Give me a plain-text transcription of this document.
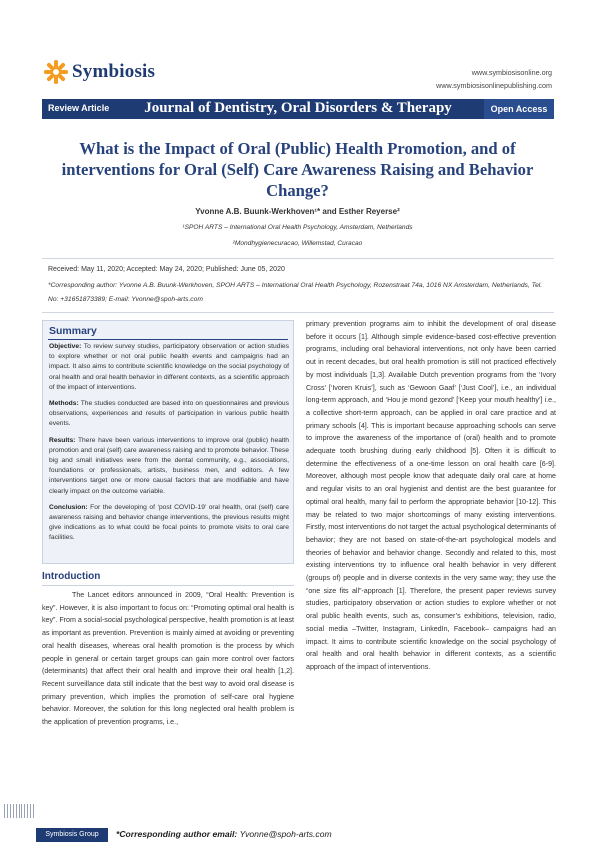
Symbiosis	www.symbiosisonline.org
www.symbiosisonlinepublishing.com
Journal of Dentistry, Oral Disorders & Therapy
Review Article	Open Access
What is the Impact of Oral (Public) Health Promotion, and of interventions for Oral (Self) Care Awareness Raising and Behavior Change?
Yvonne A.B. Buunk-Werkhoven¹* and Esther Reyerse²
¹SPOH ARTS – International Oral Health Psychology, Amsterdam, Netherlands
²Mondhygienecuracao, Willemstad, Curacao
Received: May 11, 2020; Accepted: May 24, 2020; Published: June 05, 2020
*Corresponding author: Yvonne A.B. Buunk-Werkhoven, SPOH ARTS – International Oral Health Psychology, Rozenstraat 74a, 1016 NX Amsterdam, Netherlands, Tel. No: +31651873389; E-mail: Yvonne@spoh-arts.com
Summary

Objective: To review survey studies, participatory observation or action studies to explore whether or not oral public health events and campaigns had an impact. It also aims to contribute scientific knowledge on the social psychology of oral health and oral health behavior in different contexts, as a scientific approach of the impact of interventions.

Methods: The studies conducted are based into on questionnaires and previous observations, experiences and results of participation in various public health events.

Results: There have been various interventions to improve oral (public) health promotion and oral (self) care awareness raising and to promote behavior. These big and small initiatives were from the dental community, e.g., associations, foundations or professionals, artists, business men, and editors. A few interventions target one or more causal factors that are modifiable and have clearly impact on the outcome variable.

Conclusion: For the developing of ‘post COVID-19’ oral health, oral (self) care awareness raising and behavior change interventions, the previous results might give indications as to what could be focal points to promote visits to oral care facilities.

Introduction

The Lancet editors announced in 2009, “Oral Health: Prevention is key”. However, it is also important to focus on: “Promoting optimal oral health is key”. From a social-social psychological perspective, health promotion is at least as important as prevention. Prevention is mainly aimed at avoiding or preventing oral health diseases, whereas oral health promotion is the process by which people in general or certain target groups can gain more control over factors (determinants) that affect their oral health and improve their oral health [1,2]. Recent surveillance data still indicate that the best way to avoid oral disease is primary prevention, which implies the promotion of self-care oral hygiene behavior. Moreover, the solution for this long neglected oral health problem is the application of prevention programs, i.e.,

primary prevention programs aim to inhibit the development of oral disease before it occurs [1]. Although simple evidence-based cost-effective prevention programs, including oral behavioral interventions, not only have been carried out in recent decades, but oral health promotion is still not practiced effectively by most individuals [1,3]. Available Dutch prevention programs from the ‘Ivory Cross’ [‘Ivoren Kruis’], such as ‘Gewoon Gaaf’ [‘Just Cool’], i.e., an individual long-term approach, and ‘Hou je mond gezond’ [‘Keep your mouth healthy’] i.e., a collective short-term approach, can be applied in oral care practice and at primary schools [4]. This is important because approaching schools can serve to improve the awareness of the importance of (oral) health and to promote adequate tooth brushing during early childhood [5]. Often it is difficult to determine the effectiveness of a one-time lesson on oral health care [6-9]. Moreover, although most people know that adequate daily oral care at home and regular visits to an oral hygienist and dentist are the best guarantee for optimal oral health, many fail to perform the appropriate behavior [10-12]. This may be related to two major shortcomings of many existing interventions. Firstly, most interventions do not target the actual psychological determinants of behavior; they are not based on state-of-the-art psychological models and theories of behavior and behavior change. Secondly and related to this, most existing interventions try to influence oral health behavior in very different (groups of) people and in diverse contexts in the very same way; they use the “one size fits all”-approach [1]. Therefore, the present paper reviews survey studies, participatory observation or action studies to explore whether or not oral public health events, such as, consumer’s exhibitions, television, radio, social media –Twitter, Instagram, LinkedIn, Facebook– campaigns had an impact. It aims to contribute scientific knowledge on the social psychology of oral health and oral health behavior in different contexts, as a scientific approach of the impact of interventions.

Symbiosis Group	*Corresponding author email: Yvonne@spoh-arts.com
